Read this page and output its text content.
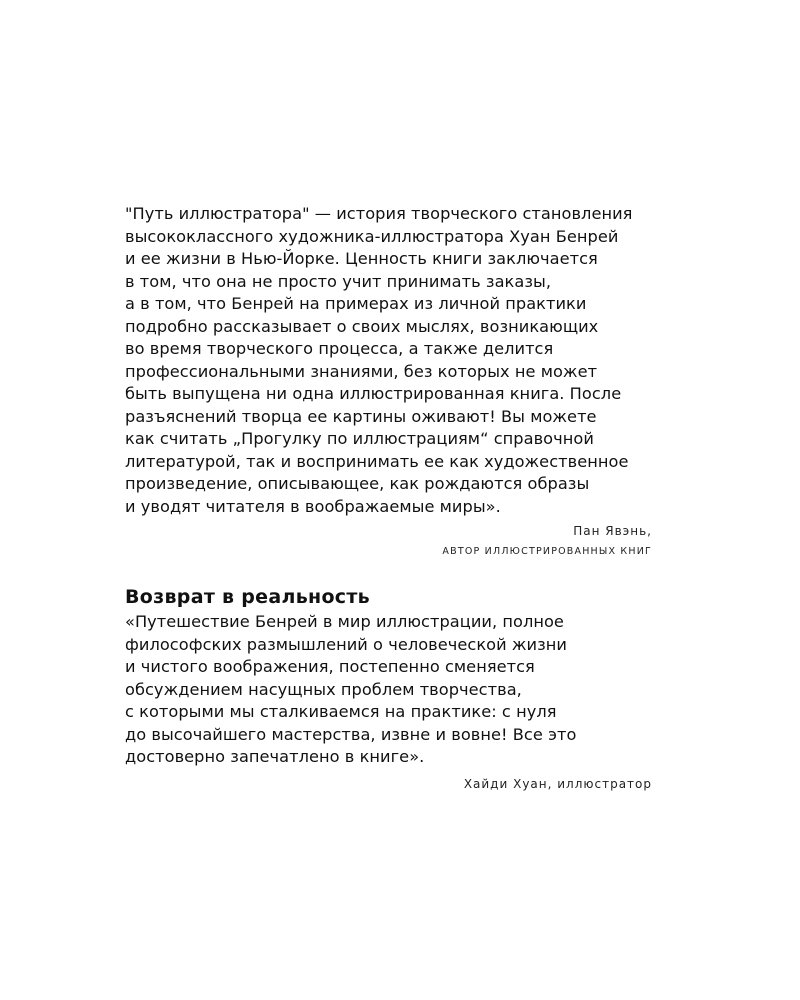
"Путь иллюстратора" — история творческого становления
высококлассного художника-иллюстратора Хуан Бенрей
и ее жизни в Нью-Йорке. Ценность книги заключается
в том, что она не просто учит принимать заказы,
а в том, что Бенрей на примерах из личной практики
подробно рассказывает о своих мыслях, возникающих
во время творческого процесса, а также делится
профессиональными знаниями, без которых не может
быть выпущена ни одна иллюстрированная книга. После
разъяснений творца ее картины оживают! Вы можете
как считать „Прогулку по иллюстрациям“ справочной
литературой, так и воспринимать ее как художественное
произведение, описывающее, как рождаются образы
и уводят читателя в воображаемые миры».
Пан Явэнь,
АВТОР ИЛЛЮСТРИРОВАННЫХ КНИГ
Возврат в реальность
«Путешествие Бенрей в мир иллюстрации, полное
философских размышлений о человеческой жизни
и чистого воображения, постепенно сменяется
обсуждением насущных проблем творчества,
с которыми мы сталкиваемся на практике: с нуля
до высочайшего мастерства, извне и вовне! Все это
достоверно запечатлено в книге».
Хайди Хуан, иллюстратор
